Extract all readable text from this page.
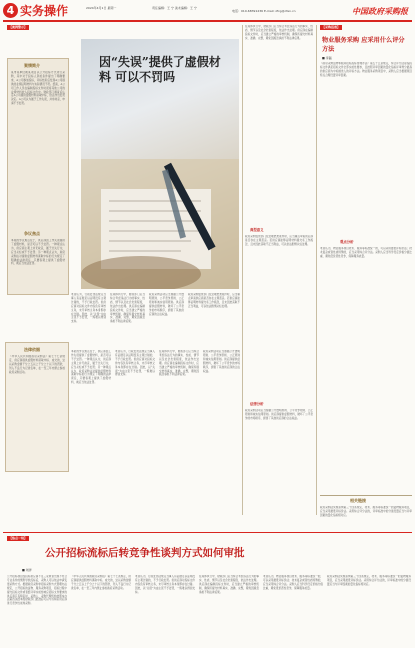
4 实务操作	2024年4月1日 星期一	责任编辑：王 宁 美术编辑：王 宁
电话：010-68391236 E-mail: zfcg@cfen.cn	中国政府采购报
【案例警示】
案情简介
某市某单位就某项目以公开招标方式进行采购，其中对于投标人资质条件提出了明确要求，A公司参加投标，评标结束后发现A公司提供的业绩证明材料与实际情况不符。经查，A公司工作人员在编制投标文件时误将其他公司的业绩材料放入投标文件中。财政部门调查后认定A公司提供虚假材料谋取中标，依法作出处罚决定。A公司认为属于工作失误，并非故意，申请不予处罚。
争议焦点
本案的争议焦点在于，供应商因工作失误提供了虚假材料，是否可以不予处罚。一种观点认为，供应商主观上并无故意，属于过失行为，应当从轻或不予处罚；另一种观点认为，政府采购法对提供虚假材料谋取中标的行为规定了明确的法律责任，只要客观上提供了虚假材料，就应当依法处罚。
因“失误”提供了虚假材料 可以不罚吗
笔者认为，行政处罚法规定当事人有证据足以证明没有主观过错的，不予行政处罚。但供应商对投标文件内容负有审核义务，未尽审核义务本身即存在过错。因此，以“失误”为由主张不予处罚，一般难以得到支持。
在具体执行中，财政部门应当综合考虑违法行为的事实、性质、情节以及社会危害程度，依法作出处理。供应商在编制投标文件时，应当建立严格的审核机制，确保所提交材料真实、准确、完整，避免因疏忽承担不利法律后果。
政府采购活动应当遵循公开透明原则、公平竞争原则、公正原则和诚实信用原则。供应商提供虚假材料，破坏了公平竞争的市场秩序，损害了其他供应商的合法权益。
政府采购监管部门在处理此类案件时，应当重点审查供应商是否存在主观恶意。若供应商能够证明材料提交系工作疏忽，且未因此获取不正当利益，可以依法酌情从轻处理。
法律依据
《中华人民共和国政府采购法》第七十七条规定，供应商提供虚假材料谋取中标、成交的，处以采购金额千分之五以上千分之十以下的罚款，列入不良行为记录名单，在一至三年内禁止参加政府采购活动。
本案的争议焦点在于，供应商因工作失误提供了虚假材料，是否可以不予处罚。一种观点认为，供应商主观上并无故意，属于过失行为，应当从轻或不予处罚；另一种观点认为，政府采购法对提供虚假材料谋取中标的行为规定了明确的法律责任，只要客观上提供了虚假材料，就应当依法处罚。
笔者认为，行政处罚法规定当事人有证据足以证明没有主观过错的，不予行政处罚。但供应商对投标文件内容负有审核义务，未尽审核义务本身即存在过错。因此，以“失误”为由主张不予处罚，一般难以得到支持。
在具体执行中，财政部门应当综合考虑违法行为的事实、性质、情节以及社会危害程度，依法作出处理。供应商在编制投标文件时，应当建立严格的审核机制，确保所提交材料真实、准确、完整，避免因疏忽承担不利法律后果。
政府采购活动应当遵循公开透明原则、公平竞争原则、公正原则和诚实信用原则。供应商提供虚假材料，破坏了公平竞争的市场秩序，损害了其他供应商的合法权益。
在具体执行中，财政部门应当综合考虑违法行为的事实、性质、情节以及社会危害程度，依法作出处理。供应商在编制投标文件时，应当建立严格的审核机制，确保所提交材料真实、准确、完整，避免因疏忽承担不利法律后果。
典型意义
政府采购监管部门在处理此类案件时，应当重点审查供应商是否存在主观恶意。若供应商能够证明材料提交系工作疏忽，且未因此获取不正当利益，可以依法酌情从轻处理。
法律分析
政府采购活动应当遵循公开透明原则、公平竞争原则、公正原则和诚实信用原则。供应商提供虚假材料，破坏了公平竞争的市场秩序，损害了其他供应商的合法权益。
【采购指南】
物业服务采购 应采用什么评分方法
■ 李磊
《政府采购货物和服务招标投标管理办法》第五十五条规定，综合评分法是指投标文件满足招标文件全部实质性要求，且按照评审因素的量化指标评审得分最高的供应商为中标候选人的评标方法。物业服务采购项目中，采购人应当根据项目特点合理设置评审因素。
观点分析
笔者认为，物业服务项目技术、服务等标准统一的，可以采用最低评标价法；技术复杂或者性质特殊的，应当采用综合评分法。采购人应当科学设定价格分值比重，避免低价恶性竞争，保障服务质量。
相关链接
政府采购法实施条例第三十四条规定，技术、服务等标准统一的货物服务项目，应当采用最低评标价法。采用综合评分法的，评审标准中的分值设置应当与评审因素的量化指标相对应。
【热点一线】
公开招标流标后转竞争性谈判方式如何审批
■ 刘洋
公开招标项目因投标供应商不足三家或者出现不符合专业条件的情形导致流标后，采购人可以依法申请变更采购方式。根据政府采购非招标采购方式管理办法规定，公开招标的货物、服务采购项目，招标过程中提交投标文件或者经评审实质性响应招标文件要求的供应商只有两家时，采购人、采购代理机构按照本办法第四条经本级财政部门批准后可以与该两家供应商进行竞争性谈判采购。
《中华人民共和国政府采购法》第七十七条规定，供应商提供虚假材料谋取中标、成交的，处以采购金额千分之五以上千分之十以下的罚款，列入不良行为记录名单，在一至三年内禁止参加政府采购活动。
笔者认为，行政处罚法规定当事人有证据足以证明没有主观过错的，不予行政处罚。但供应商对投标文件内容负有审核义务，未尽审核义务本身即存在过错。因此，以“失误”为由主张不予处罚，一般难以得到支持。
在具体执行中，财政部门应当综合考虑违法行为的事实、性质、情节以及社会危害程度，依法作出处理。供应商在编制投标文件时，应当建立严格的审核机制，确保所提交材料真实、准确、完整，避免因疏忽承担不利法律后果。
笔者认为，物业服务项目技术、服务等标准统一的，可以采用最低评标价法；技术复杂或者性质特殊的，应当采用综合评分法。采购人应当科学设定价格分值比重，避免低价恶性竞争，保障服务质量。
政府采购法实施条例第三十四条规定，技术、服务等标准统一的货物服务项目，应当采用最低评标价法。采用综合评分法的，评审标准中的分值设置应当与评审因素的量化指标相对应。
